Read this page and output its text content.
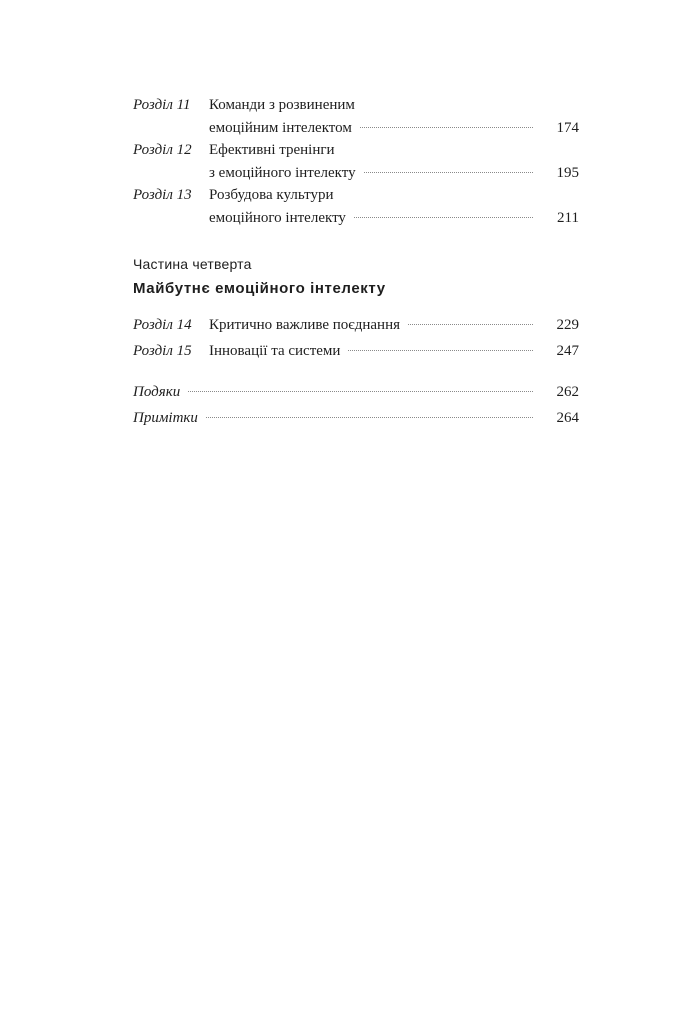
Розділ 11 Команди з розвиненим
емоційним інтелектом	174
Розділ 12 Ефективні тренінги
з емоційного інтелекту	195
Розділ 13 Розбудова культури
емоційного інтелекту	211
Частина четверта
Майбутнє емоційного інтелекту
Розділ 14 Критично важливе поєднання	229
Розділ 15 Інновації та системи	247
Подяки	262
Примітки	264
